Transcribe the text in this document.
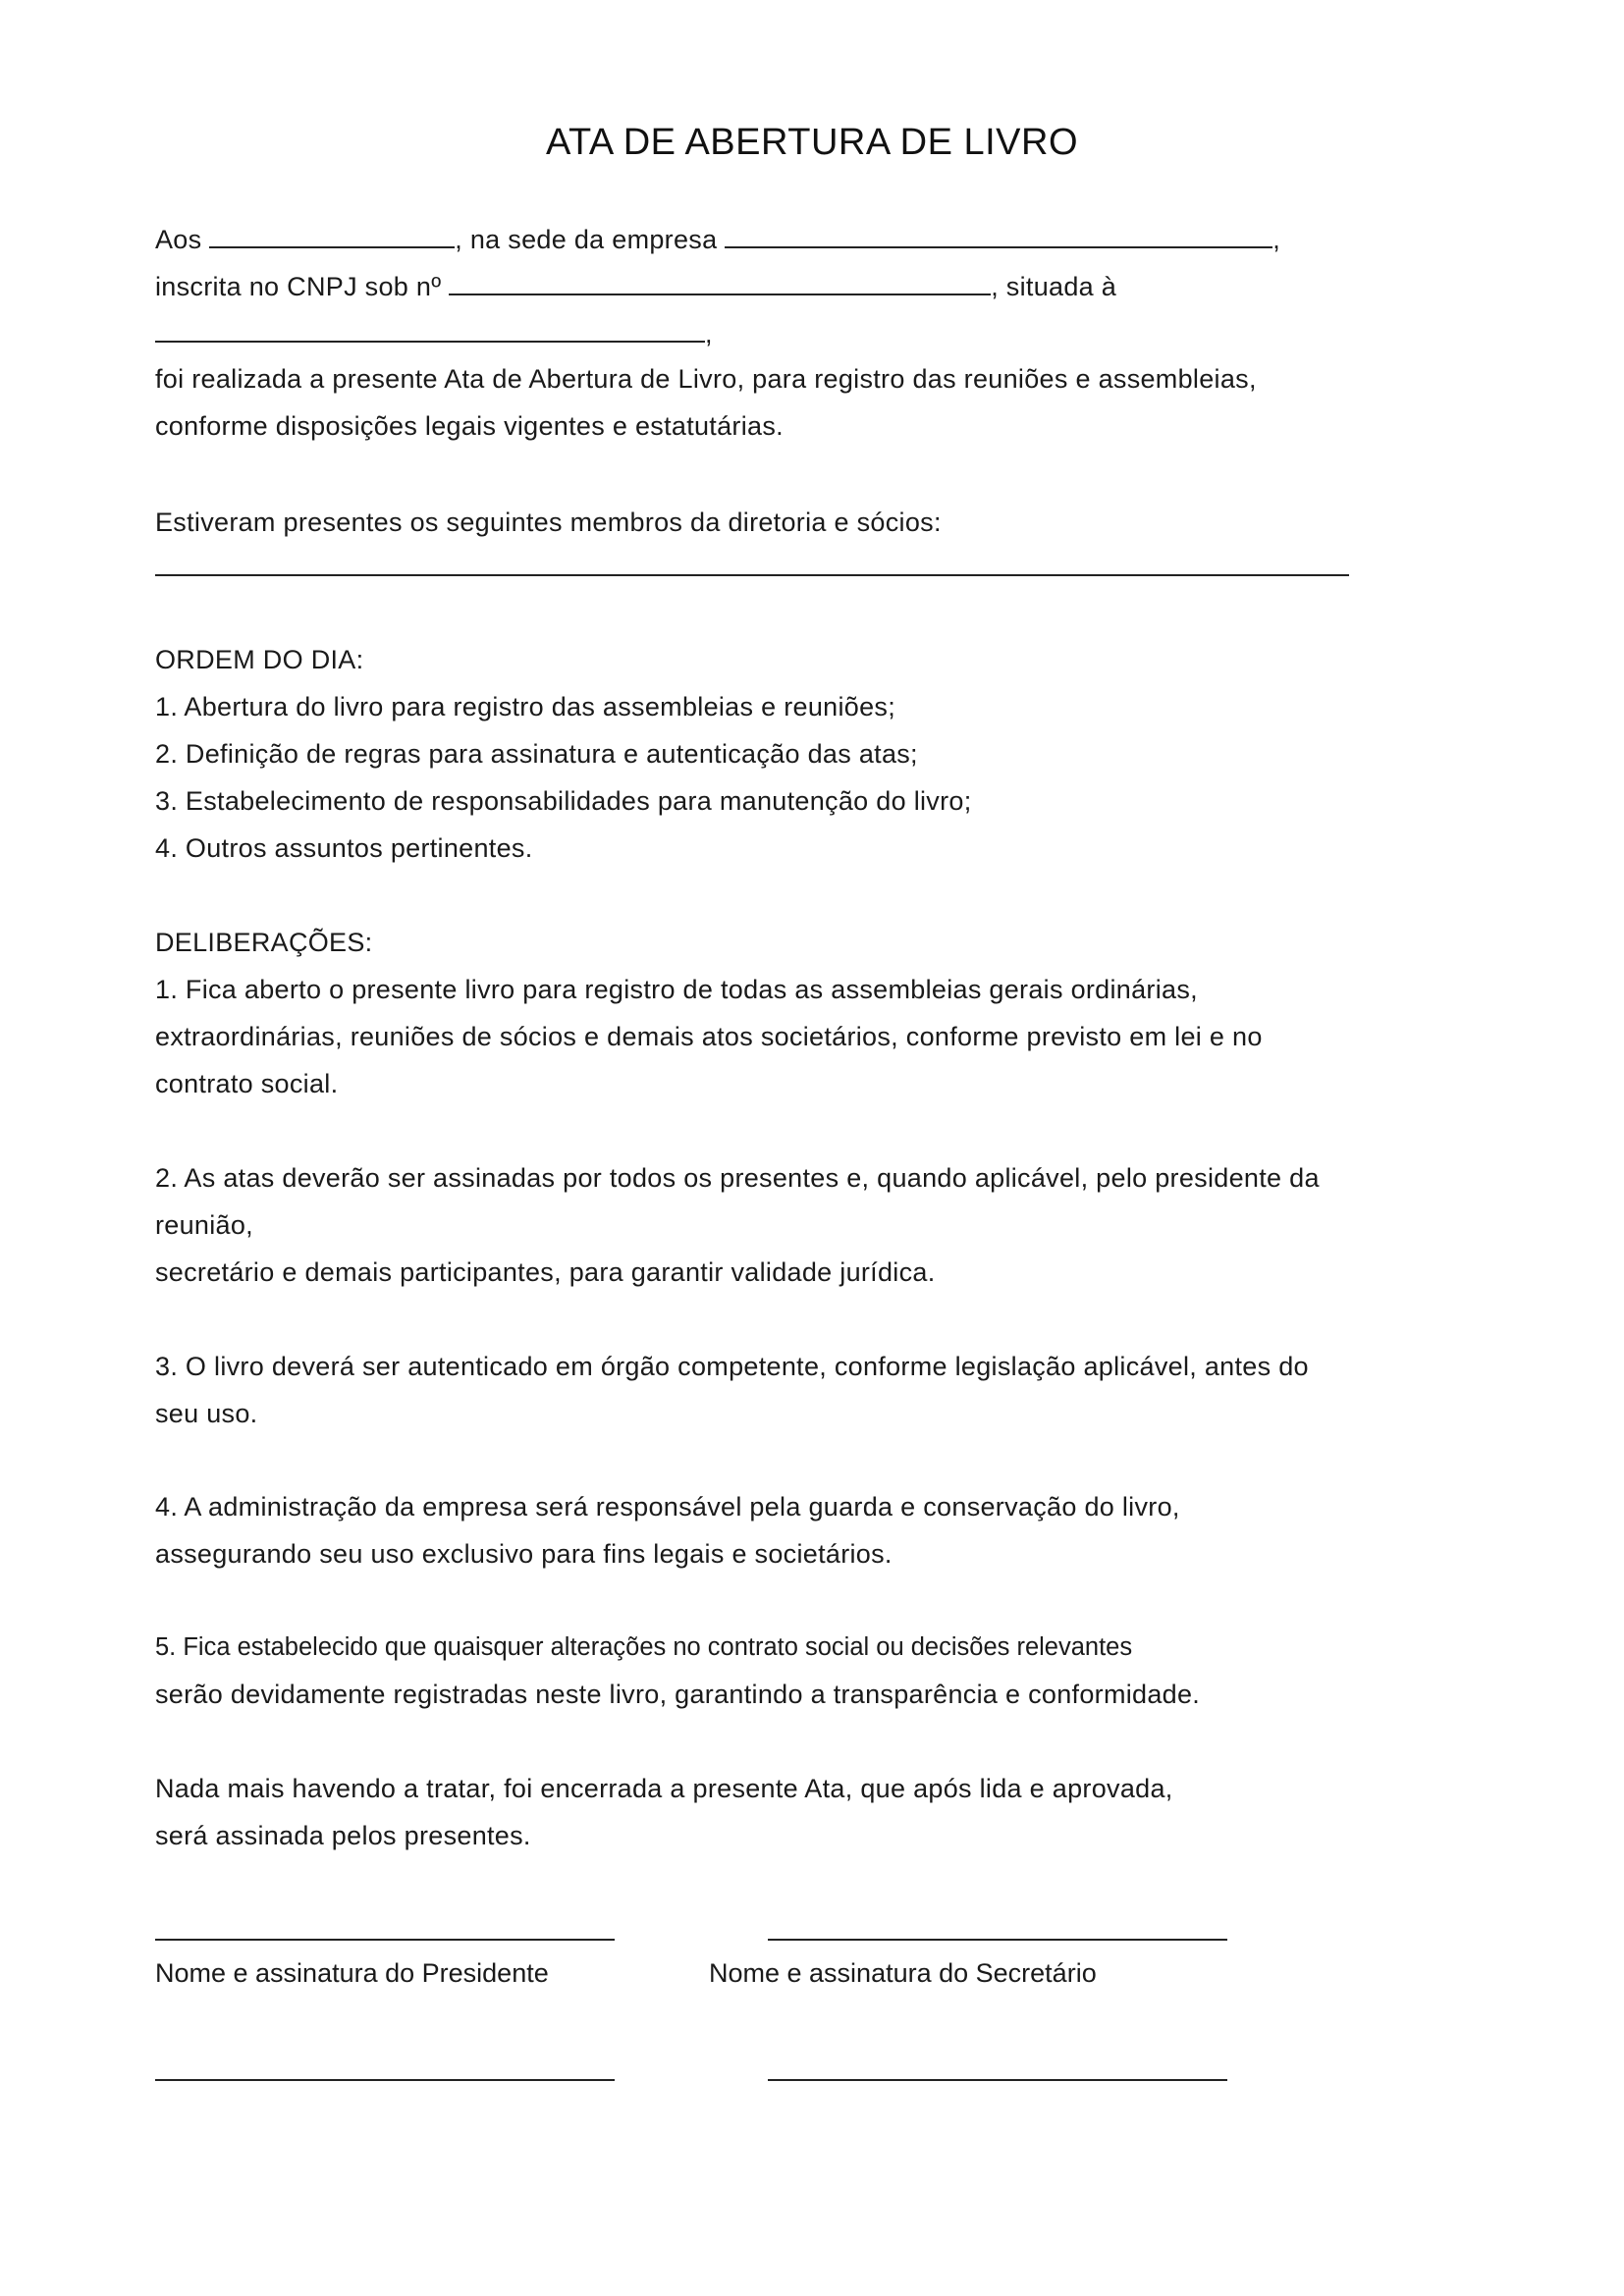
ATA DE ABERTURA DE LIVRO
Aos	, na sede da empresa	,
inscrita no CNPJ sob nº	, situada à
,
foi realizada a presente Ata de Abertura de Livro, para registro das reuniões e assembleias,
conforme disposições legais vigentes e estatutárias.
Estiveram presentes os seguintes membros da diretoria e sócios:
ORDEM DO DIA:
1. Abertura do livro para registro das assembleias e reuniões;
2. Definição de regras para assinatura e autenticação das atas;
3. Estabelecimento de responsabilidades para manutenção do livro;
4. Outros assuntos pertinentes.
DELIBERAÇÕES:
1. Fica aberto o presente livro para registro de todas as assembleias gerais ordinárias,
extraordinárias, reuniões de sócios e demais atos societários, conforme previsto em lei e no
contrato social.
2. As atas deverão ser assinadas por todos os presentes e, quando aplicável, pelo presidente da
reunião,
secretário e demais participantes, para garantir validade jurídica.
3. O livro deverá ser autenticado em órgão competente, conforme legislação aplicável, antes do
seu uso.
4. A administração da empresa será responsável pela guarda e conservação do livro,
assegurando seu uso exclusivo para fins legais e societários.
5. Fica estabelecido que quaisquer alterações no contrato social ou decisões relevantes
serão devidamente registradas neste livro, garantindo a transparência e conformidade.
Nada mais havendo a tratar, foi encerrada a presente Ata, que após lida e aprovada,
será assinada pelos presentes.
Nome e assinatura do Presidente	Nome e assinatura do Secretário
